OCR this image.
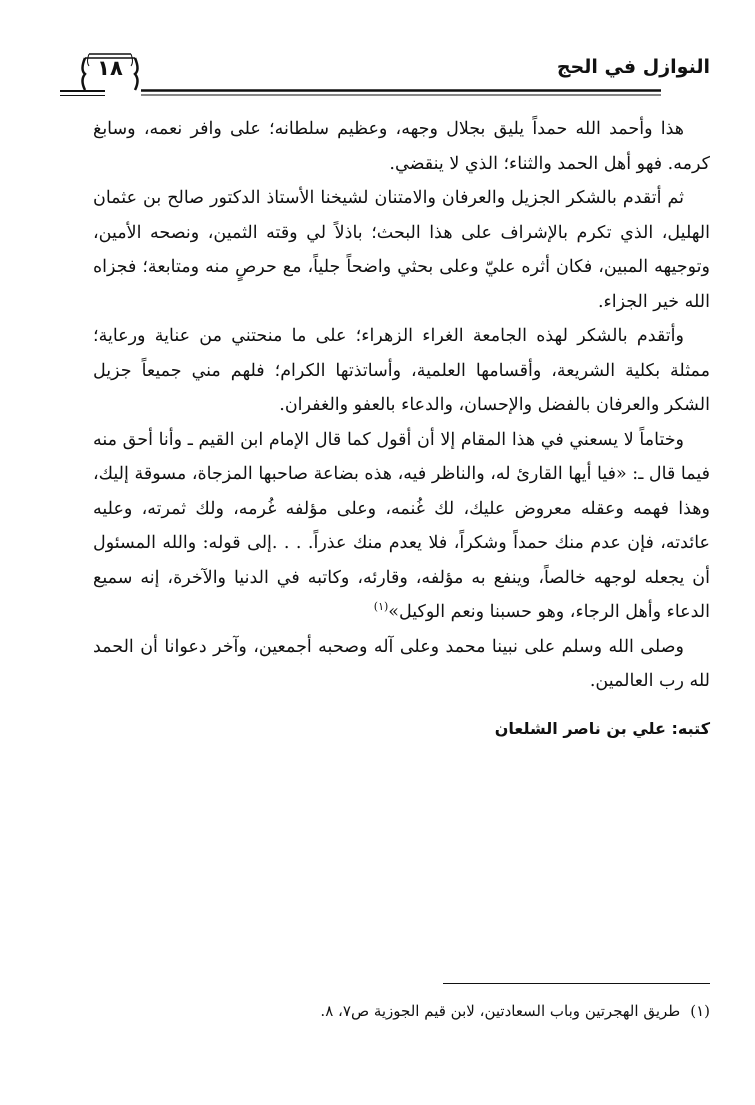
النوازل في الحج
١٨

هذا وأحمد الله حمداً يليق بجلال وجهه، وعظيم سلطانه؛ على وافر نعمه، وسابغ كرمه. فهو أهل الحمد والثناء؛ الذي لا ينقضي.

ثم أتقدم بالشكر الجزيل والعرفان والامتنان لشيخنا الأستاذ الدكتور صالح بن عثمان الهليل، الذي تكرم بالإشراف على هذا البحث؛ باذلاً لي وقته الثمين، ونصحه الأمين، وتوجيهه المبين، فكان أثره عليّ وعلى بحثي واضحاً جلياً، مع حرصٍ منه ومتابعة؛ فجزاه الله خير الجزاء.

وأتقدم بالشكر لهذه الجامعة الغراء الزهراء؛ على ما منحتني من عناية ورعاية؛ ممثلة بكلية الشريعة، وأقسامها العلمية، وأساتذتها الكرام؛ فلهم مني جميعاً جزيل الشكر والعرفان بالفضل والإحسان، والدعاء بالعفو والغفران.

وختاماً لا يسعني في هذا المقام إلا أن أقول كما قال الإمام ابن القيم ـ وأنا أحق منه فيما قال ـ: «فيا أيها القارئ له، والناظر فيه، هذه بضاعة صاحبها المزجاة، مسوقة إليك، وهذا فهمه وعقله معروض عليك، لك غُنمه، وعلى مؤلفه غُرمه، ولك ثمرته، وعليه عائدته، فإن عدم منك حمداً وشكراً، فلا يعدم منك عذراً. . . .إلى قوله: والله المسئول أن يجعله لوجهه خالصاً، وينفع به مؤلفه، وقارئه، وكاتبه في الدنيا والآخرة، إنه سميع الدعاء وأهل الرجاء، وهو حسبنا ونعم الوكيل»$^{(١)}$

وصلى الله وسلم على نبينا محمد وعلى آله وصحبه أجمعين، وآخر دعوانا أن الحمد لله رب العالمين.

كتبه: علي بن ناصر الشلعان
(١)طريق الهجرتين وباب السعادتين، لابن قيم الجوزية ص٧، ٨.
